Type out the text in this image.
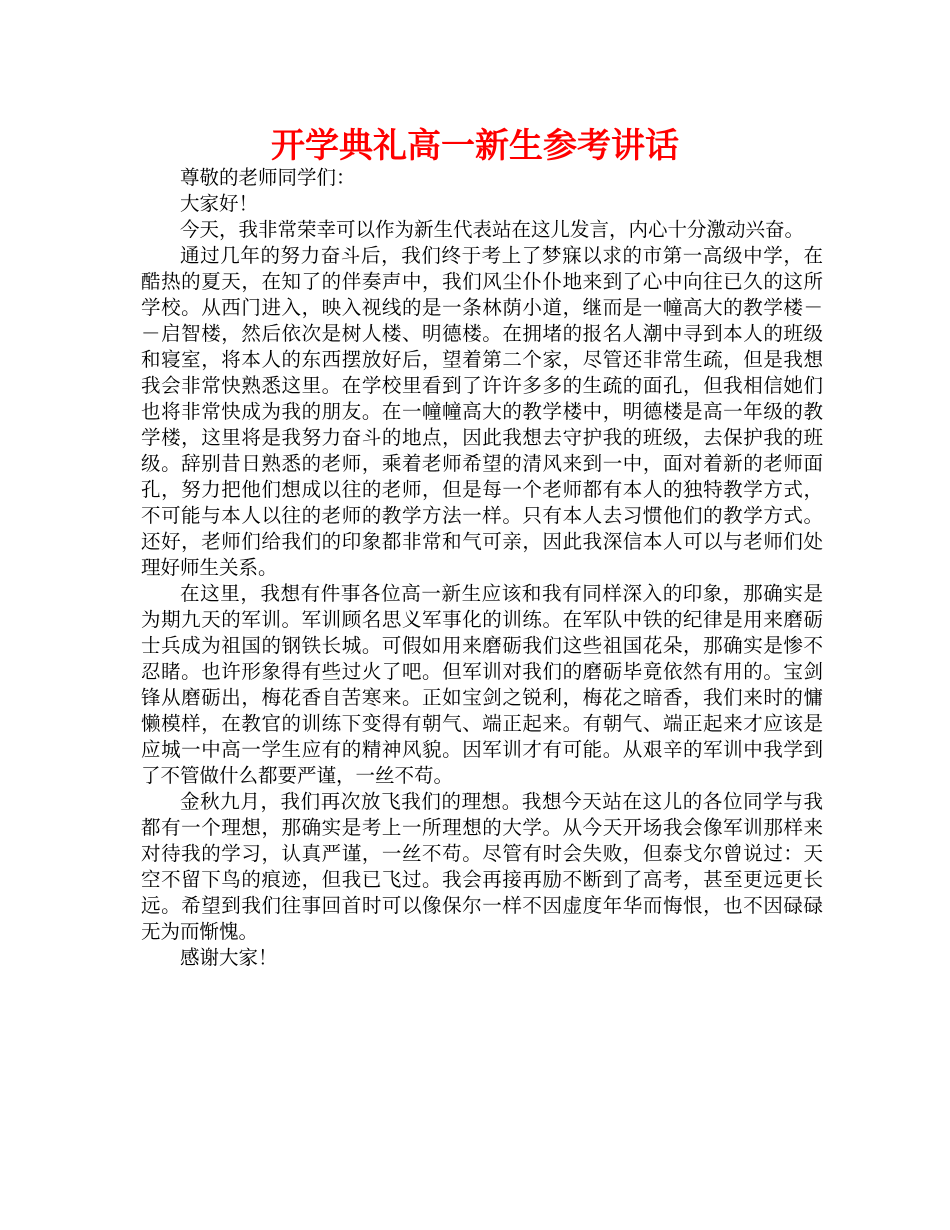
开学典礼高一新生参考讲话

尊敬的老师同学们：

大家好！

今天，我非常荣幸可以作为新生代表站在这儿发言，内心十分激动兴奋。

通过几年的努力奋斗后，我们终于考上了梦寐以求的市第一高级中学，在酷热的夏天，在知了的伴奏声中，我们风尘仆仆地来到了心中向往已久的这所学校。从西门进入，映入视线的是一条林荫小道，继而是一幢高大的教学楼－－启智楼，然后依次是树人楼、明德楼。在拥堵的报名人潮中寻到本人的班级和寝室，将本人的东西摆放好后，望着第二个家，尽管还非常生疏，但是我想我会非常快熟悉这里。在学校里看到了许许多多的生疏的面孔，但我相信她们也将非常快成为我的朋友。在一幢幢高大的教学楼中，明德楼是高一年级的教学楼，这里将是我努力奋斗的地点，因此我想去守护我的班级，去保护我的班级。辞别昔日熟悉的老师，乘着老师希望的清风来到一中，面对着新的老师面孔，努力把他们想成以往的老师，但是每一个老师都有本人的独特教学方式，不可能与本人以往的老师的教学方法一样。只有本人去习惯他们的教学方式。还好，老师们给我们的印象都非常和气可亲，因此我深信本人可以与老师们处理好师生关系。

在这里，我想有件事各位高一新生应该和我有同样深入的印象，那确实是为期九天的军训。军训顾名思义军事化的训练。在军队中铁的纪律是用来磨砺士兵成为祖国的钢铁长城。可假如用来磨砺我们这些祖国花朵，那确实是惨不忍睹。也许形象得有些过火了吧。但军训对我们的磨砺毕竟依然有用的。宝剑锋从磨砺出，梅花香自苦寒来。正如宝剑之锐利，梅花之暗香，我们来时的慵懒模样，在教官的训练下变得有朝气、端正起来。有朝气、端正起来才应该是应城一中高一学生应有的精神风貌。因军训才有可能。从艰辛的军训中我学到了不管做什么都要严谨，一丝不苟。

金秋九月，我们再次放飞我们的理想。我想今天站在这儿的各位同学与我都有一个理想，那确实是考上一所理想的大学。从今天开场我会像军训那样来对待我的学习，认真严谨，一丝不苟。尽管有时会失败，但泰戈尔曾说过：天空不留下鸟的痕迹，但我已飞过。我会再接再励不断到了高考，甚至更远更长远。希望到我们往事回首时可以像保尔一样不因虚度年华而悔恨，也不因碌碌无为而惭愧。

感谢大家！
